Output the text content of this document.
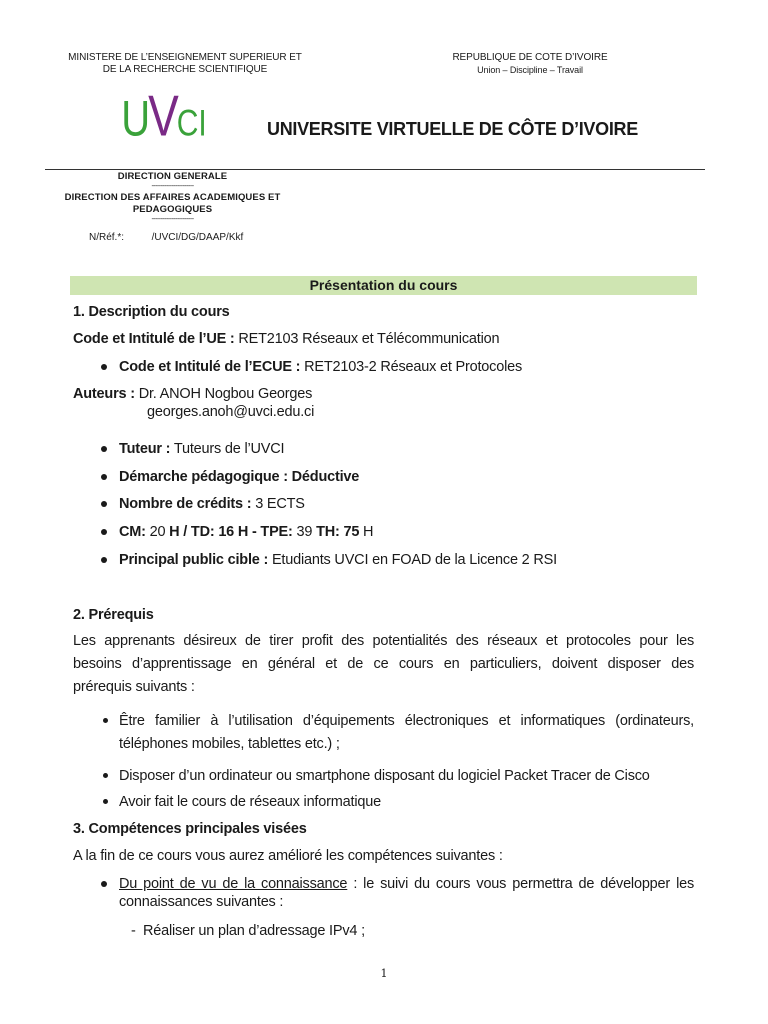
MINISTERE DE L’ENSEIGNEMENT SUPERIEUR ET
DE LA RECHERCHE SCIENTIFIQUE
REPUBLIQUE DE COTE D’IVOIRE
Union – Discipline – Travail
UVCI	UNIVERSITE VIRTUELLE DE CÔTE D’IVOIRE
DIRECTION GENERALE
-----------------------
DIRECTION DES AFFAIRES ACADEMIQUES ET
PEDAGOGIQUES
-----------------------
N/Réf.*:	/UVCI/DG/DAAP/Kkf
Présentation du cours
1. Description du cours
Code et Intitulé de l’UE : RET2103 Réseaux et Télécommunication
Code et Intitulé de l’ECUE : RET2103-2 Réseaux et Protocoles
Auteurs : Dr. ANOH Nogbou Georges
georges.anoh@uvci.edu.ci
Tuteur : Tuteurs de l’UVCI
Démarche pédagogique : Déductive
Nombre de crédits : 3 ECTS
CM: 20 H / TD: 16 H - TPE: 39 TH: 75 H
Principal public cible : Etudiants UVCI en FOAD de la Licence 2 RSI
2. Prérequis
Les apprenants désireux de tirer profit des potentialités des réseaux et protocoles pour les
besoins d’apprentissage en général et de ce cours en particuliers, doivent disposer des
prérequis suivants :
Être familier à l’utilisation d’équipements électroniques et informatiques (ordinateurs,
téléphones mobiles, tablettes etc.) ;
Disposer d’un ordinateur ou smartphone disposant du logiciel Packet Tracer de Cisco
Avoir fait le cours de réseaux informatique
3. Compétences principales visées
A la fin de ce cours vous aurez amélioré les compétences suivantes :
Du point de vu de la connaissance : le suivi du cours vous permettra de développer les
connaissances suivantes :
- Réaliser un plan d’adressage IPv4 ;
1
